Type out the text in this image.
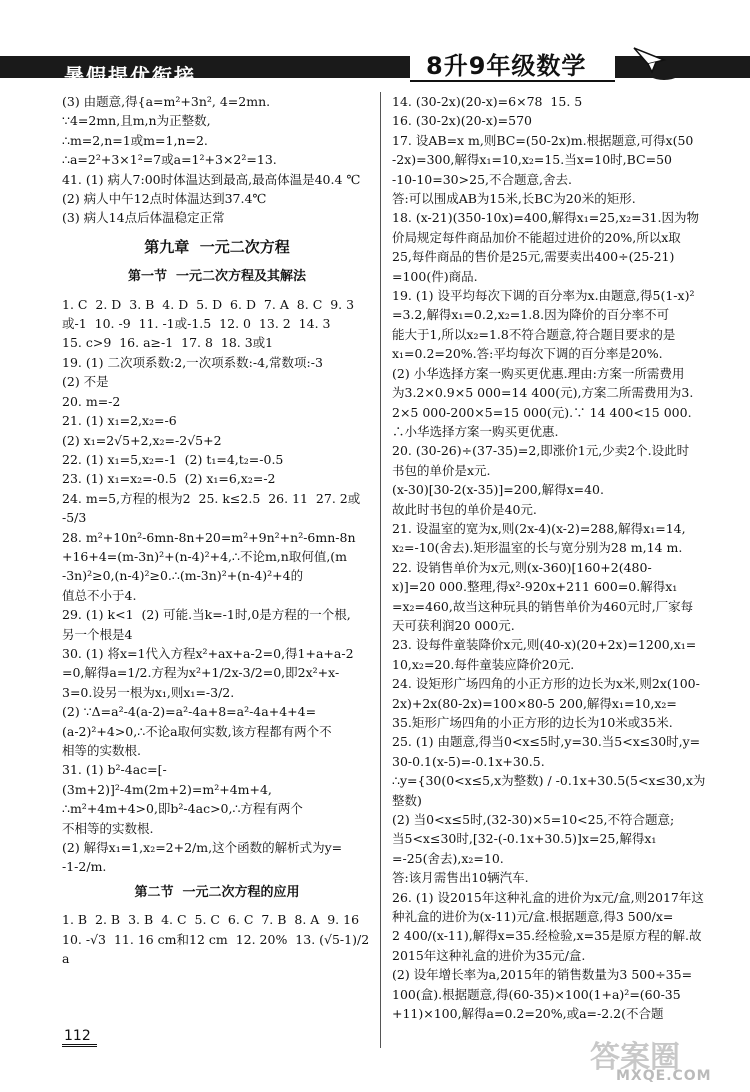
暑假提优衔接	8升9年级数学
(3) 由题意,得{a=m²+3n², 4=2mn.
∵4=2mn,且m,n为正整数,
∴m=2,n=1或m=1,n=2.
∴a=2²+3×1²=7或a=1²+3×2²=13.
41. (1) 病人7:00时体温达到最高,最高体温是40.4 ℃
(2) 病人中午12点时体温达到37.4℃
(3) 病人14点后体温稳定正常
第九章  一元二次方程
第一节  一元二次方程及其解法
1. C  2. D  3. B  4. D  5. D  6. D  7. A  8. C  9. 3
或-1  10. -9  11. -1或-1.5  12. 0  13. 2  14. 3
15. c>9  16. a≥-1  17. 8  18. 3或1
19. (1) 二次项系数:2,一次项系数:-4,常数项:-3
(2) 不是
20. m=-2
21. (1) x₁=2,x₂=-6
(2) x₁=2√5+2,x₂=-2√5+2
22. (1) x₁=5,x₂=-1  (2) t₁=4,t₂=-0.5
23. (1) x₁=x₂=-0.5  (2) x₁=6,x₂=-2
24. m=5,方程的根为2  25. k≤2.5  26. 11  27. 2或
-5/3
28. m²+10n²-6mn-8n+20=m²+9n²+n²-6mn-8n
+16+4=(m-3n)²+(n-4)²+4,∴不论m,n取何值,(m
-3n)²≥0,(n-4)²≥0.∴(m-3n)²+(n-4)²+4的
值总不小于4.
29. (1) k<1  (2) 可能.当k=-1时,0是方程的一个根,
另一个根是4
30. (1) 将x=1代入方程x²+ax+a-2=0,得1+a+a-2
=0,解得a=1/2.方程为x²+1/2x-3/2=0,即2x²+x-
3=0.设另一根为x₁,则x₁=-3/2.
(2) ∵Δ=a²-4(a-2)=a²-4a+8=a²-4a+4+4=
(a-2)²+4>0,∴不论a取何实数,该方程都有两个不
相等的实数根.
31. (1) b²-4ac=[-(3m+2)]²-4m(2m+2)=m²+4m+4,
∴m²+4m+4>0,即b²-4ac>0,∴方程有两个
不相等的实数根.
(2) 解得x₁=1,x₂=2+2/m,这个函数的解析式为y=
-1-2/m.
第二节  一元二次方程的应用
1. B  2. B  3. B  4. C  5. C  6. C  7. B  8. A  9. 16
10. -√3  11. 16 cm和12 cm  12. 20%  13. (√5-1)/2 a
14. (30-2x)(20-x)=6×78  15. 5
16. (30-2x)(20-x)=570
17. 设AB=x m,则BC=(50-2x)m.根据题意,可得x(50
-2x)=300,解得x₁=10,x₂=15.当x=10时,BC=50
-10-10=30>25,不合题意,舍去.
答:可以围成AB为15米,长BC为20米的矩形.
18. (x-21)(350-10x)=400,解得x₁=25,x₂=31.因为物
价局规定每件商品加价不能超过进价的20%,所以x取
25,每件商品的售价是25元,需要卖出400÷(25-21)
=100(件)商品.
19. (1) 设平均每次下调的百分率为x.由题意,得5(1-x)²
=3.2,解得x₁=0.2,x₂=1.8.因为降价的百分率不可
能大于1,所以x₂=1.8不符合题意,符合题目要求的是
x₁=0.2=20%.答:平均每次下调的百分率是20%.
(2) 小华选择方案一购买更优惠.理由:方案一所需费用
为3.2×0.9×5 000=14 400(元),方案二所需费用为3.
2×5 000-200×5=15 000(元).∵ 14 400<15 000.
∴小华选择方案一购买更优惠.
20. (30-26)÷(37-35)=2,即涨价1元,少卖2个.设此时
书包的单价是x元.
(x-30)[30-2(x-35)]=200,解得x=40.
故此时书包的单价是40元.
21. 设温室的宽为x,则(2x-4)(x-2)=288,解得x₁=14,
x₂=-10(舍去).矩形温室的长与宽分别为28 m,14 m.
22. 设销售单价为x元,则(x-360)[160+2(480-
x)]=20 000.整理,得x²-920x+211 600=0.解得x₁
=x₂=460,故当这种玩具的销售单价为460元时,厂家每
天可获利润20 000元.
23. 设每件童装降价x元,则(40-x)(20+2x)=1200,x₁=
10,x₂=20.每件童装应降价20元.
24. 设矩形广场四角的小正方形的边长为x米,则2x(100-
2x)+2x(80-2x)=100×80-5 200,解得x₁=10,x₂=
35.矩形广场四角的小正方形的边长为10米或35米.
25. (1) 由题意,得当0<x≤5时,y=30.当5<x≤30时,y=
30-0.1(x-5)=-0.1x+30.5.
∴y={30(0<x≤5,x为整数) / -0.1x+30.5(5<x≤30,x为整数)
(2) 当0<x≤5时,(32-30)×5=10<25,不符合题意;
当5<x≤30时,[32-(-0.1x+30.5)]x=25,解得x₁
=-25(舍去),x₂=10.
答:该月需售出10辆汽车.
26. (1) 设2015年这种礼盒的进价为x元/盒,则2017年这
种礼盒的进价为(x-11)元/盒.根据题意,得3 500/x=
2 400/(x-11),解得x=35.经检验,x=35是原方程的解.故
2015年这种礼盒的进价为35元/盒.
(2) 设年增长率为a,2015年的销售数量为3 500÷35=
100(盒).根据题意,得(60-35)×100(1+a)²=(60-35
+11)×100,解得a=0.2=20%,或a=-2.2(不合题
112
答案圈
MXQE.COM
